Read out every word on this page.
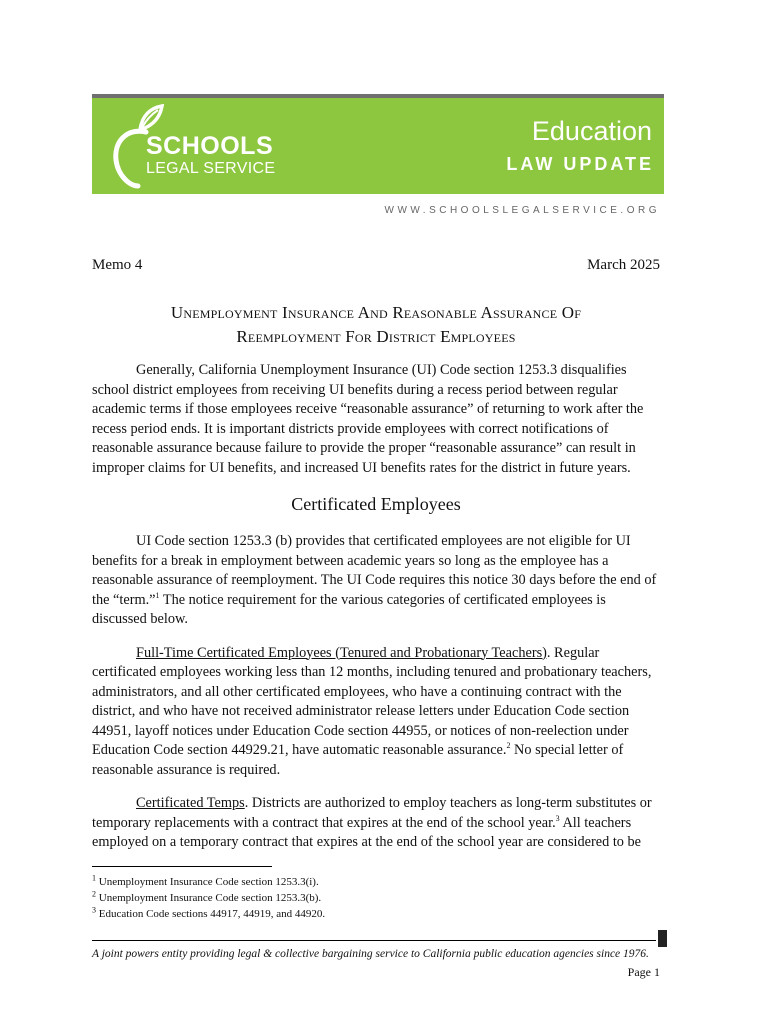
SCHOOLS
LEGAL SERVICE
Education
LAW UPDATE
WWW.SCHOOLSLEGALSERVICE.ORG
Memo 4	March 2025
Unemployment Insurance And Reasonable Assurance Of
Reemployment For District Employees

Generally, California Unemployment Insurance (UI) Code section 1253.3 disqualifies school district employees from receiving UI benefits during a recess period between regular academic terms if those employees receive “reasonable assurance” of returning to work after the recess period ends. It is important districts provide employees with correct notifications of reasonable assurance because failure to provide the proper “reasonable assurance” can result in improper claims for UI benefits, and increased UI benefits rates for the district in future years.

Certificated Employees

UI Code section 1253.3 (b) provides that certificated employees are not eligible for UI benefits for a break in employment between academic years so long as the employee has a reasonable assurance of reemployment. The UI Code requires this notice 30 days before the end of the “term.”$^1$ The notice requirement for the various categories of certificated employees is discussed below.

Full-Time Certificated Employees (Tenured and Probationary Teachers). Regular certificated employees working less than 12 months, including tenured and probationary teachers, administrators, and all other certificated employees, who have a continuing contract with the district, and who have not received administrator release letters under Education Code section 44951, layoff notices under Education Code section 44955, or notices of non-reelection under Education Code section 44929.21, have automatic reasonable assurance.$^2$ No special letter of reasonable assurance is required.

Certificated Temps. Districts are authorized to employ teachers as long-term substitutes or temporary replacements with a contract that expires at the end of the school year.$^3$ All teachers employed on a temporary contract that expires at the end of the school year are considered to be

$^1$ Unemployment Insurance Code section 1253.3(i).
$^2$ Unemployment Insurance Code section 1253.3(b).
$^3$ Education Code sections 44917, 44919, and 44920.
A joint powers entity providing legal & collective bargaining service to California public education agencies since 1976.
Page 1
